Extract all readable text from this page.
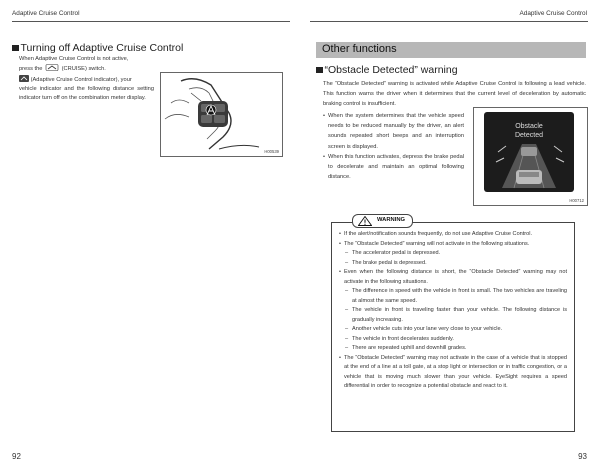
Adaptive Cruise Control	Adaptive Cruise Control
Turning off Adaptive Cruise Control

When Adaptive Cruise Control is not active,

press the	(CRUISE) switch.

(Adaptive Cruise Control indicator), your

vehicle indicator and the following distance setting indicator turn off on the combination meter display.

H00539
Other functions
“Obstacle Detected” warning

The “Obstacle Detected” warning is activated while Adaptive Cruise Control is following a lead vehicle. This function warns the driver when it determines that the current level of deceleration by automatic braking control is insufficient.

• When the system determines that the vehicle speed needs to be reduced manually by the driver, an alert sounds repeated short beeps and an interruption screen is displayed.
• When this function activates, depress the brake pedal to decelerate and maintain an optimal following distance.
Obstacle
Detected
H00712
WARNING
• If the alert/notification sounds frequently, do not use Adaptive Cruise Control.
• The “Obstacle Detected” warning will not activate in the following situations.
– The accelerator pedal is depressed.
– The brake pedal is depressed.
• Even when the following distance is short, the “Obstacle Detected” warning may not activate in the following situations.
– The difference in speed with the vehicle in front is small. The two vehicles are traveling at almost the same speed.
– The vehicle in front is traveling faster than your vehicle. The following distance is gradually increasing.
– Another vehicle cuts into your lane very close to your vehicle.
– The vehicle in front decelerates suddenly.
– There are repeated uphill and downhill grades.
• The “Obstacle Detected” warning may not activate in the case of a vehicle that is stopped at the end of a line at a toll gate, at a stop light or intersection or in traffic congestion, or a vehicle that is moving much slower than your vehicle. EyeSight requires a speed differential in order to recognize a potential obstacle and react to it.
92	93
